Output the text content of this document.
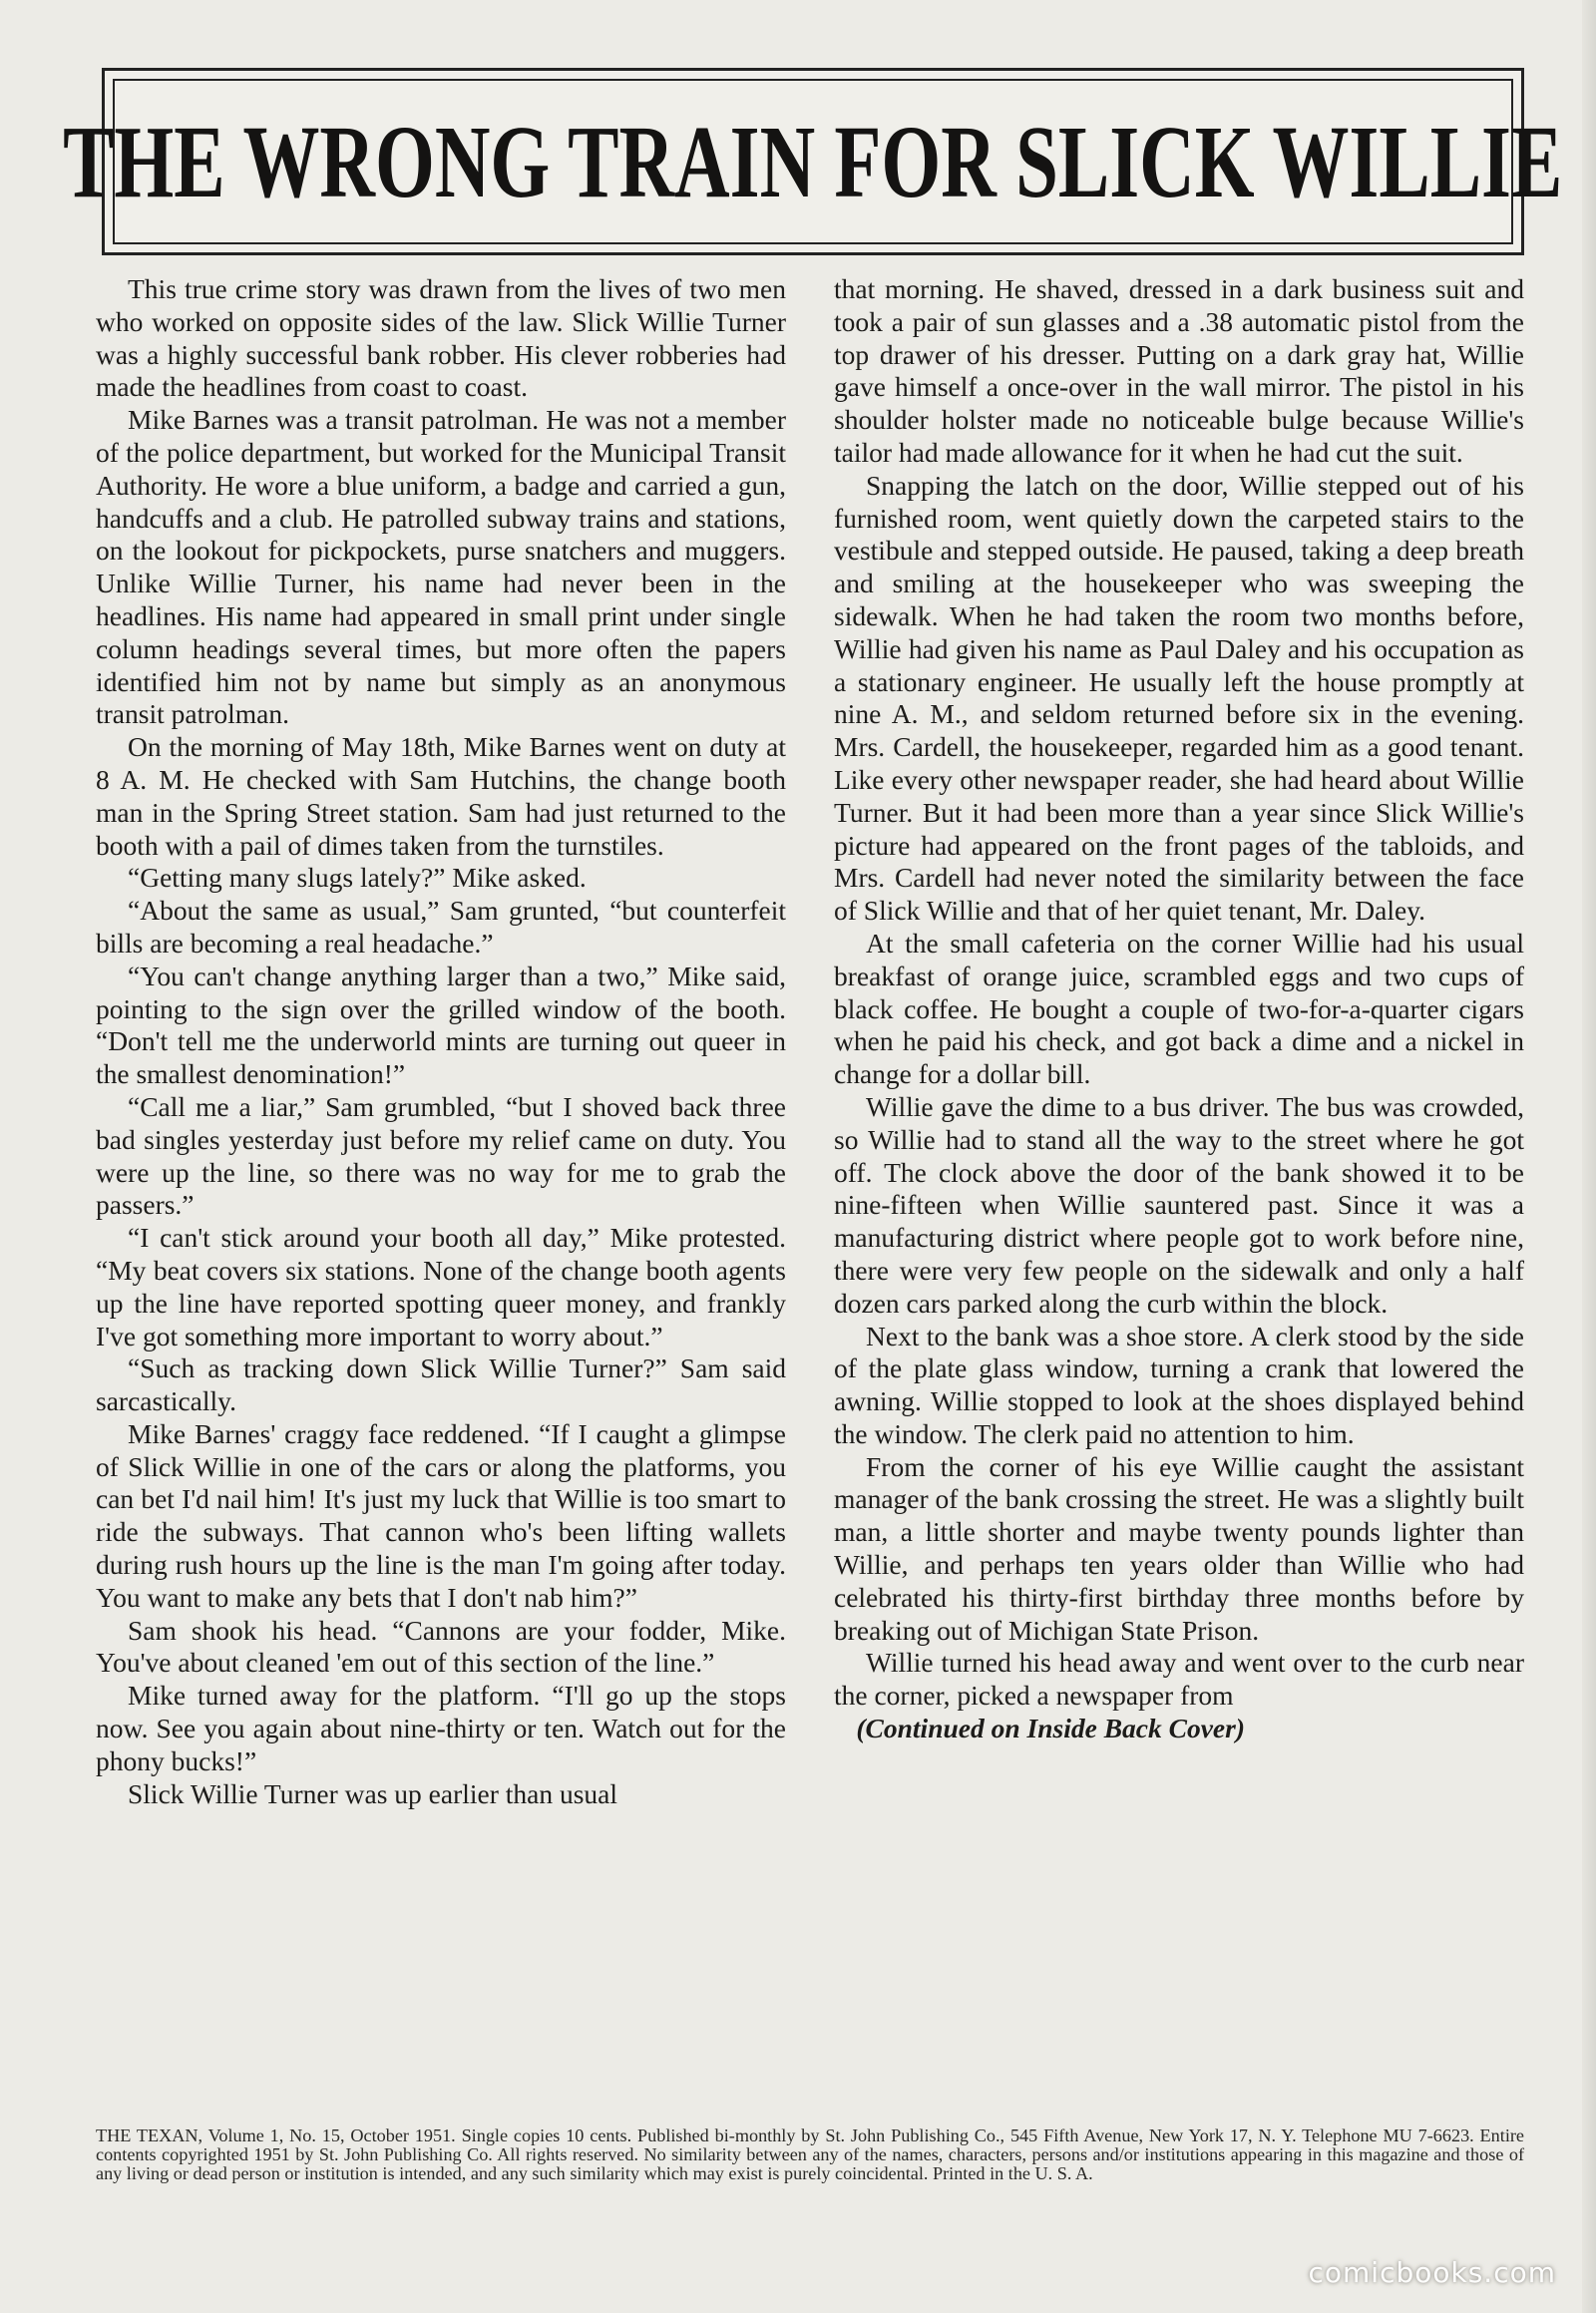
THE WRONG TRAIN FOR SLICK WILLIE

This true crime story was drawn from the lives of two men who worked on opposite sides of the law. Slick Willie Turner was a highly successful bank robber. His clever robberies had made the headlines from coast to coast.

Mike Barnes was a transit patrolman. He was not a member of the police department, but worked for the Municipal Transit Authority. He wore a blue uniform, a badge and carried a gun, handcuffs and a club. He patrolled subway trains and stations, on the lookout for pickpockets, purse snatchers and muggers. Unlike Willie Turner, his name had never been in the headlines. His name had appeared in small print under single column headings several times, but more often the papers identified him not by name but simply as an anonymous transit patrolman.

On the morning of May 18th, Mike Barnes went on duty at 8 A. M. He checked with Sam Hutchins, the change booth man in the Spring Street station. Sam had just returned to the booth with a pail of dimes taken from the turnstiles.

“Getting many slugs lately?” Mike asked.

“About the same as usual,” Sam grunted, “but counterfeit bills are becoming a real headache.”

“You can't change anything larger than a two,” Mike said, pointing to the sign over the grilled window of the booth. “Don't tell me the underworld mints are turning out queer in the smallest denomination!”

“Call me a liar,” Sam grumbled, “but I shoved back three bad singles yesterday just before my relief came on duty. You were up the line, so there was no way for me to grab the passers.”

“I can't stick around your booth all day,” Mike protested. “My beat covers six stations. None of the change booth agents up the line have reported spotting queer money, and frankly I've got something more important to worry about.”

“Such as tracking down Slick Willie Turner?” Sam said sarcastically.

Mike Barnes' craggy face reddened. “If I caught a glimpse of Slick Willie in one of the cars or along the platforms, you can bet I'd nail him! It's just my luck that Willie is too smart to ride the subways. That cannon who's been lifting wallets during rush hours up the line is the man I'm going after today. You want to make any bets that I don't nab him?”

Sam shook his head. “Cannons are your fodder, Mike. You've about cleaned 'em out of this section of the line.”

Mike turned away for the platform. “I'll go up the stops now. See you again about nine-thirty or ten. Watch out for the phony bucks!”

Slick Willie Turner was up earlier than usual

that morning. He shaved, dressed in a dark business suit and took a pair of sun glasses and a .38 automatic pistol from the top drawer of his dresser. Putting on a dark gray hat, Willie gave himself a once-over in the wall mirror. The pistol in his shoulder holster made no noticeable bulge because Willie's tailor had made allowance for it when he had cut the suit.

Snapping the latch on the door, Willie stepped out of his furnished room, went quietly down the carpeted stairs to the vestibule and stepped outside. He paused, taking a deep breath and smiling at the housekeeper who was sweeping the sidewalk. When he had taken the room two months before, Willie had given his name as Paul Daley and his occupation as a stationary engineer. He usually left the house promptly at nine A. M., and seldom returned before six in the evening. Mrs. Cardell, the housekeeper, regarded him as a good tenant. Like every other newspaper reader, she had heard about Willie Turner. But it had been more than a year since Slick Willie's picture had appeared on the front pages of the tabloids, and Mrs. Cardell had never noted the similarity between the face of Slick Willie and that of her quiet tenant, Mr. Daley.

At the small cafeteria on the corner Willie had his usual breakfast of orange juice, scrambled eggs and two cups of black coffee. He bought a couple of two-for-a-quarter cigars when he paid his check, and got back a dime and a nickel in change for a dollar bill.

Willie gave the dime to a bus driver. The bus was crowded, so Willie had to stand all the way to the street where he got off. The clock above the door of the bank showed it to be nine-fifteen when Willie sauntered past. Since it was a manufacturing district where people got to work before nine, there were very few people on the sidewalk and only a half dozen cars parked along the curb within the block.

Next to the bank was a shoe store. A clerk stood by the side of the plate glass window, turning a crank that lowered the awning. Willie stopped to look at the shoes displayed behind the window. The clerk paid no attention to him.

From the corner of his eye Willie caught the assistant manager of the bank crossing the street. He was a slightly built man, a little shorter and maybe twenty pounds lighter than Willie, and perhaps ten years older than Willie who had celebrated his thirty-first birthday three months before by breaking out of Michigan State Prison.

Willie turned his head away and went over to the curb near the corner, picked a newspaper from

(Continued on Inside Back Cover)

THE TEXAN, Volume 1, No. 15, October 1951. Single copies 10 cents. Published bi-monthly by St. John Publishing Co., 545 Fifth Avenue, New York 17, N. Y. Telephone MU 7-6623. Entire contents copyrighted 1951 by St. John Publishing Co. All rights reserved. No similarity between any of the names, characters, persons and/or institutions appearing in this magazine and those of any living or dead person or institution is intended, and any such similarity which may exist is purely coincidental. Printed in the U. S. A.
comicbooks.com
